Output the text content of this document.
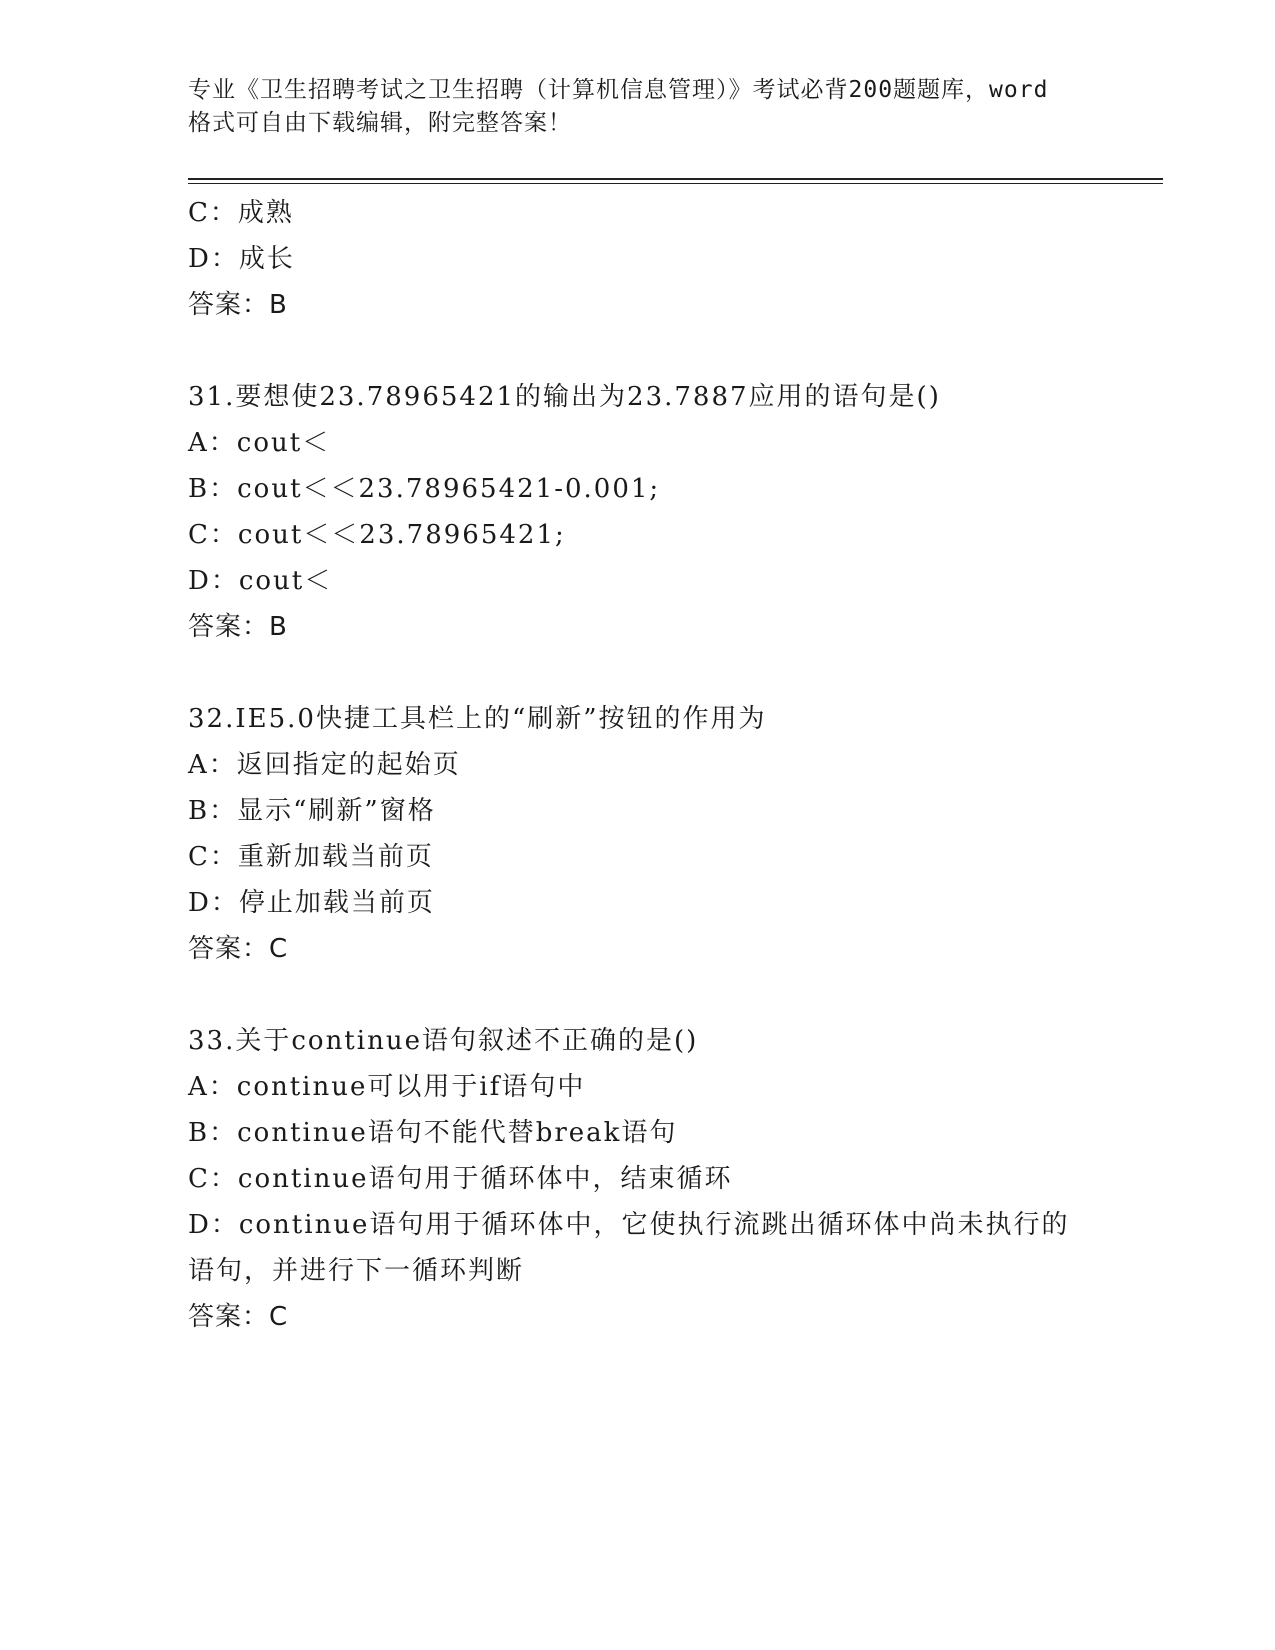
专业《卫生招聘考试之卫生招聘（计算机信息管理）》考试必背200题题库，word
格式可自由下载编辑，附完整答案！
C：成熟
D：成长
答案：B
31.要想使23.78965421的输出为23.7887应用的语句是()
A：cout＜
B：cout＜＜23.78965421-0.001;
C：cout＜＜23.78965421;
D：cout＜
答案：B
32.IE5.0快捷工具栏上的“刷新”按钮的作用为
A：返回指定的起始页
B：显示“刷新”窗格
C：重新加载当前页
D：停止加载当前页
答案：C
33.关于continue语句叙述不正确的是()
A：continue可以用于if语句中
B：continue语句不能代替break语句
C：continue语句用于循环体中，结束循环
D：continue语句用于循环体中，它使执行流跳出循环体中尚未执行的语句，并进行下一循环判断
答案：C
